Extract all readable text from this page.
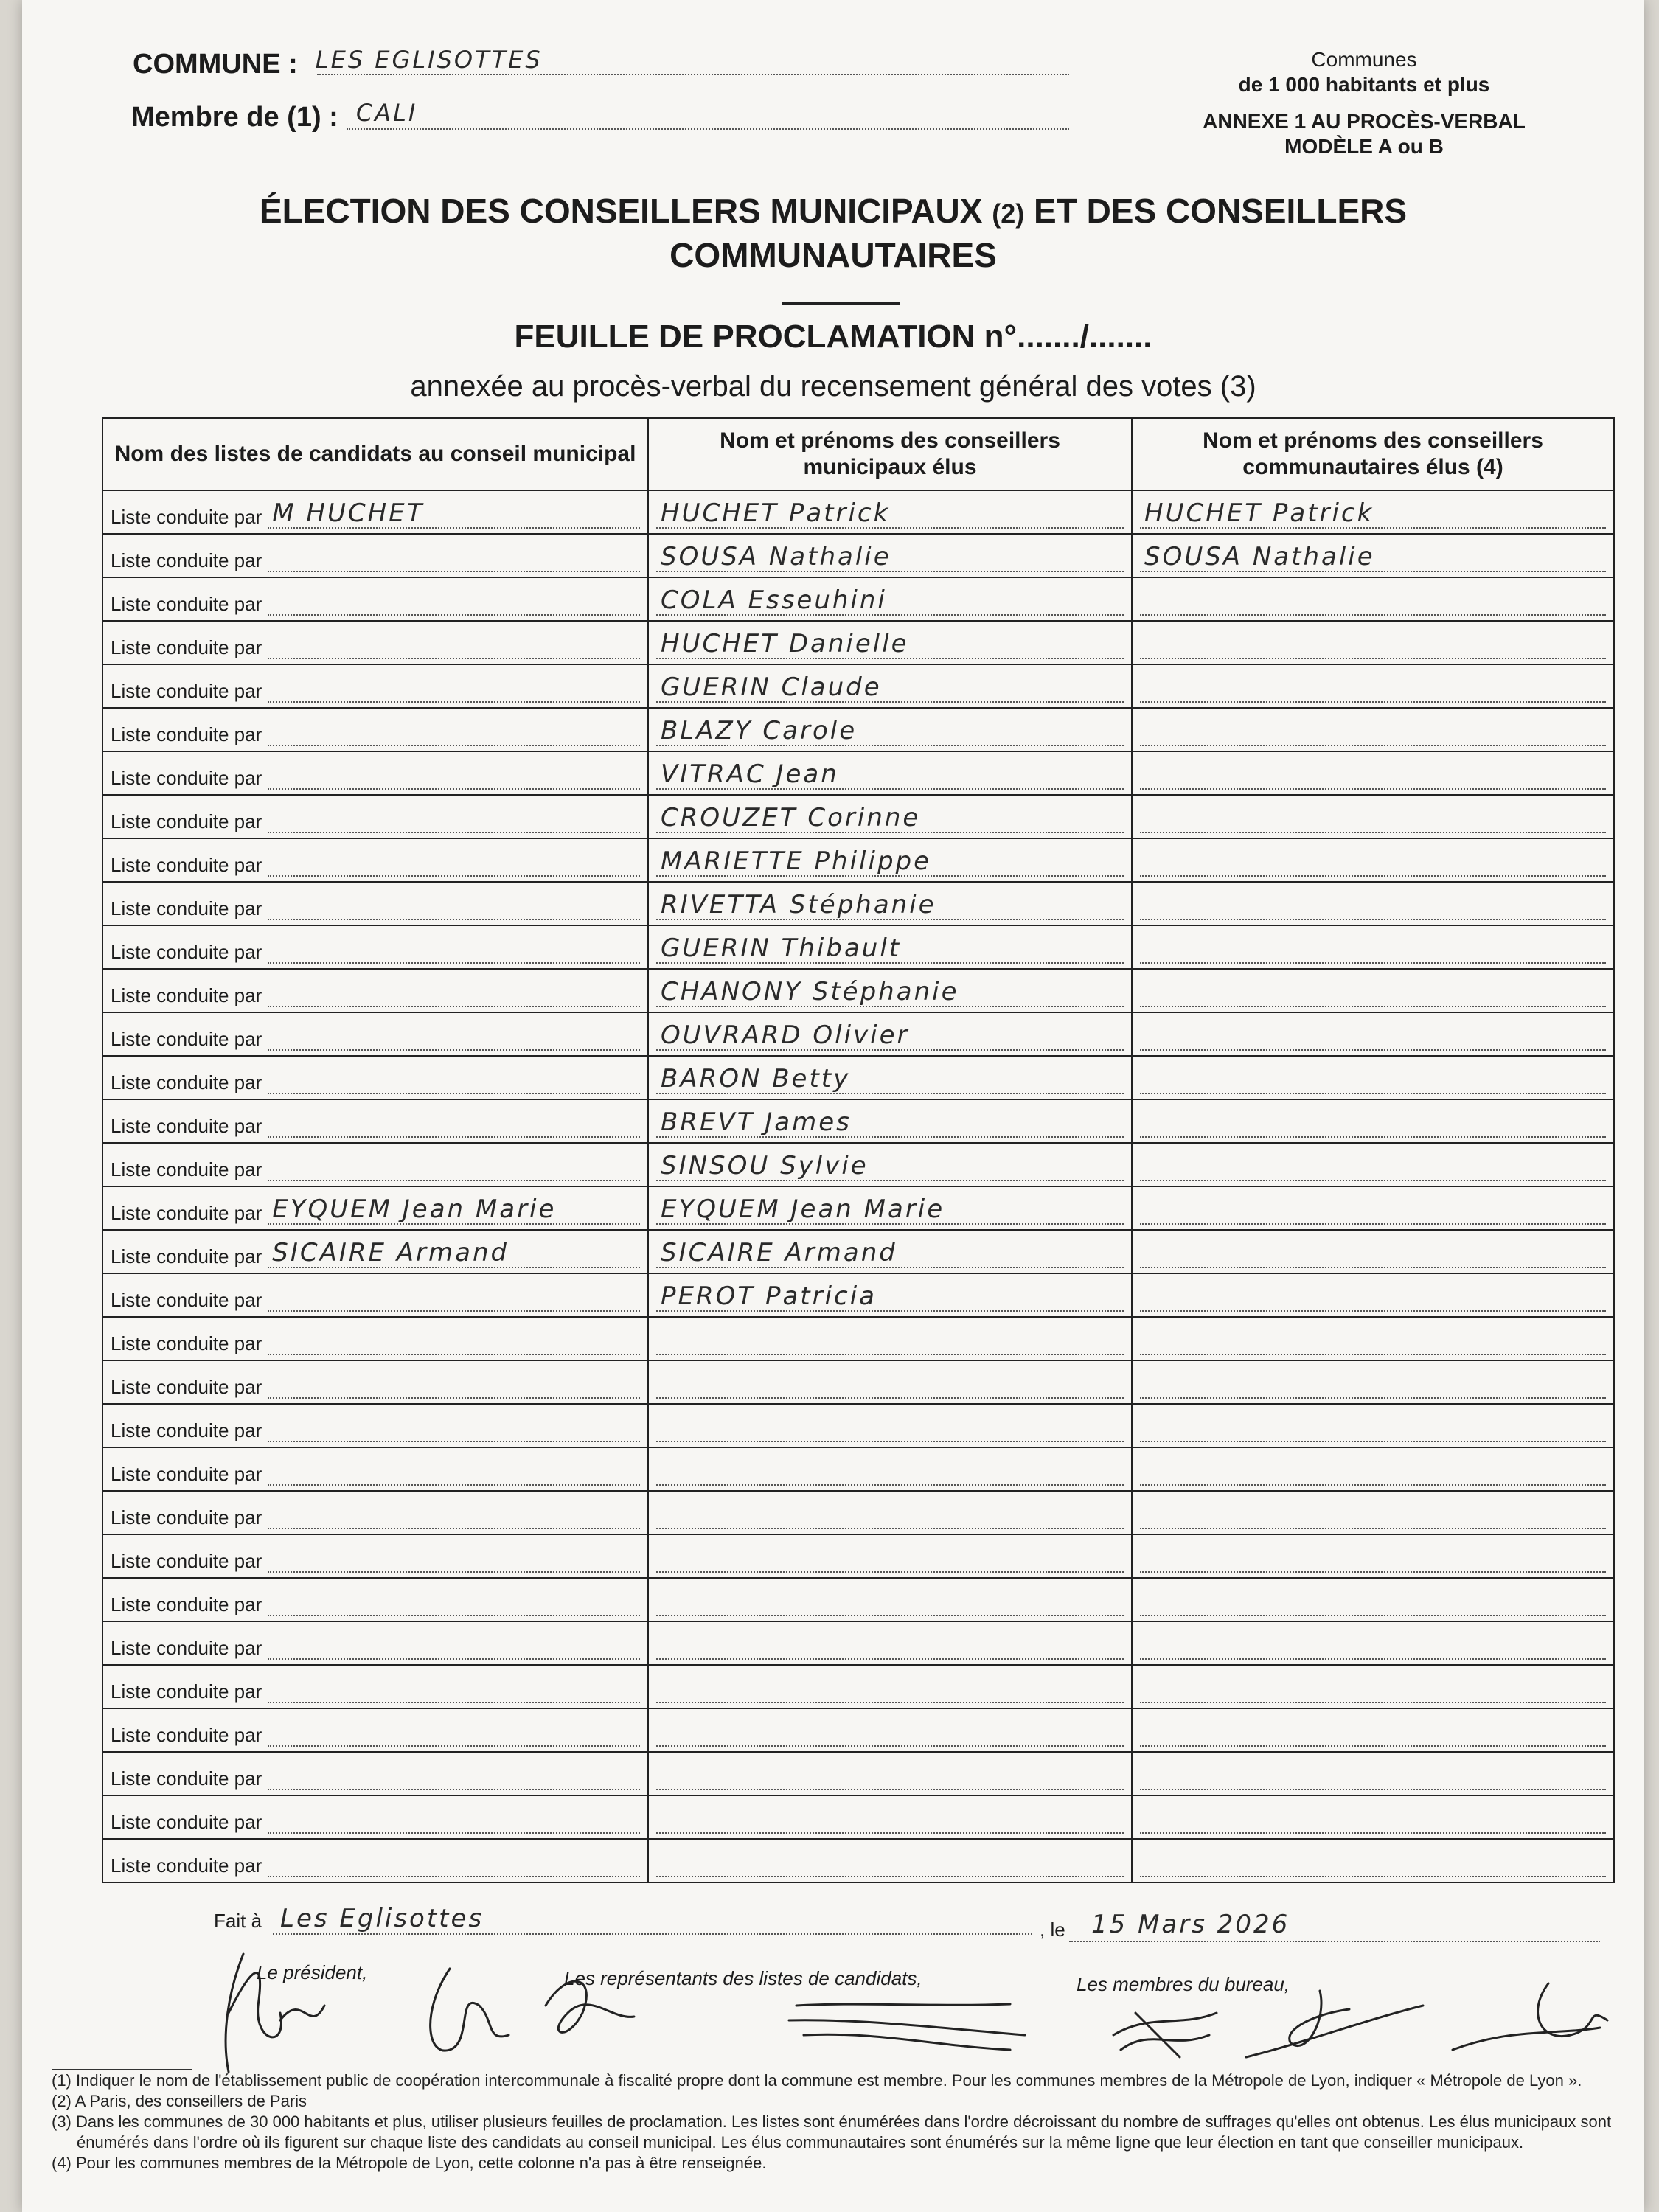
COMMUNE : LES EGLISOTTES
Membre de (1) : CALI
Communes
de 1 000 habitants et plus
ANNEXE 1 AU PROCÈS-VERBAL
MODÈLE A ou B
ÉLECTION DES CONSEILLERS MUNICIPAUX (2) ET DES CONSEILLERS
COMMUNAUTAIRES
FEUILLE DE PROCLAMATION n°......./.......
annexée au procès-verbal du recensement général des votes (3)
Nom des listes de candidats au conseil municipal	Nom et prénoms des conseillers municipaux élus	Nom et prénoms des conseillers communautaires élus (4)

Liste conduite par M HUCHET	HUCHET Patrick	HUCHET Patrick

Liste conduite par	SOUSA Nathalie	SOUSA Nathalie

Liste conduite par	COLA Esseuhini	

Liste conduite par	HUCHET Danielle	

Liste conduite par	GUERIN Claude	

Liste conduite par	BLAZY Carole	

Liste conduite par	VITRAC Jean	

Liste conduite par	CROUZET Corinne	

Liste conduite par	MARIETTE Philippe	

Liste conduite par	RIVETTA Stéphanie	

Liste conduite par	GUERIN Thibault	

Liste conduite par	CHANONY Stéphanie	

Liste conduite par	OUVRARD Olivier	

Liste conduite par	BARON Betty	

Liste conduite par	BREVT James	

Liste conduite par	SINSOU Sylvie	

Liste conduite par EYQUEM Jean Marie	EYQUEM Jean Marie	

Liste conduite par SICAIRE Armand	SICAIRE Armand	

Liste conduite par	PEROT Patricia	

Liste conduite par		

Liste conduite par		

Liste conduite par		

Liste conduite par		

Liste conduite par		

Liste conduite par		

Liste conduite par		

Liste conduite par		

Liste conduite par		

Liste conduite par		

Liste conduite par		

Liste conduite par		

Liste conduite par		

Fait à Les Eglisottes	, le 15 Mars 2026
Le président,	Les représentants des listes de candidats,	Les membres du bureau,

(1) Indiquer le nom de l'établissement public de coopération intercommunale à fiscalité propre dont la commune est membre. Pour les communes membres de la Métropole de Lyon, indiquer « Métropole de Lyon ».

(2) A Paris, des conseillers de Paris

(3) Dans les communes de 30 000 habitants et plus, utiliser plusieurs feuilles de proclamation. Les listes sont énumérées dans l'ordre décroissant du nombre de suffrages qu'elles ont obtenus. Les élus municipaux sont énumérés dans l'ordre où ils figurent sur chaque liste des candidats au conseil municipal. Les élus communautaires sont énumérés sur la même ligne que leur élection en tant que conseiller municipaux.

(4) Pour les communes membres de la Métropole de Lyon, cette colonne n'a pas à être renseignée.
